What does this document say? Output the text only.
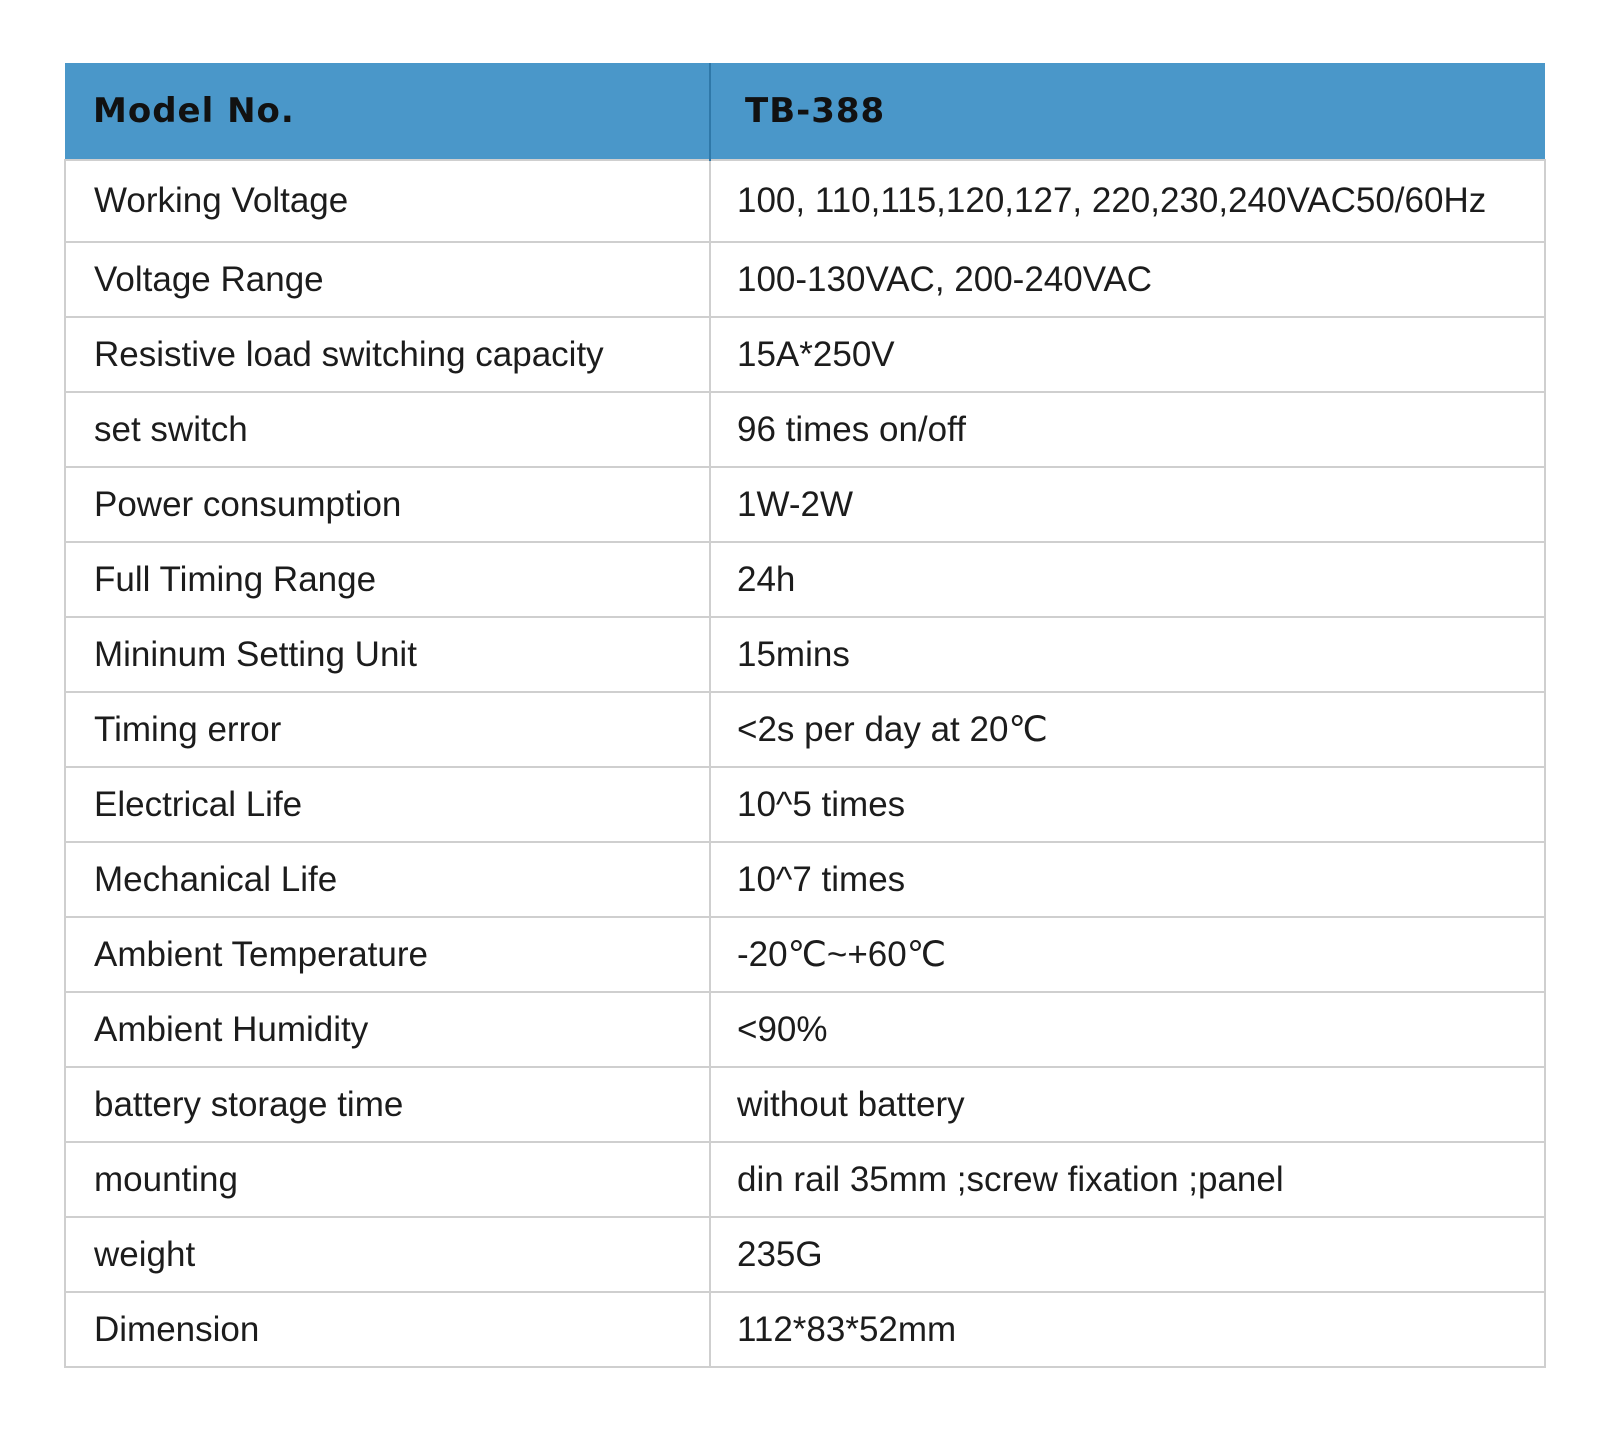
Model No.	TB-388
Working Voltage	100, 110,115,120,127, 220,230,240VAC50/60Hz
Voltage Range	100-130VAC, 200-240VAC
Resistive load switching capacity	15A*250V
set switch	96 times on/off
Power consumption	1W-2W
Full Timing Range	24h
Mininum Setting Unit	15mins
Timing error	<2s per day at 20℃
Electrical Life	10^5 times
Mechanical Life	10^7 times
Ambient Temperature	-20℃~+60℃
Ambient Humidity	<90%
battery storage time	without battery
mounting	din rail 35mm ;screw fixation ;panel
weight	235G
Dimension	112*83*52mm
